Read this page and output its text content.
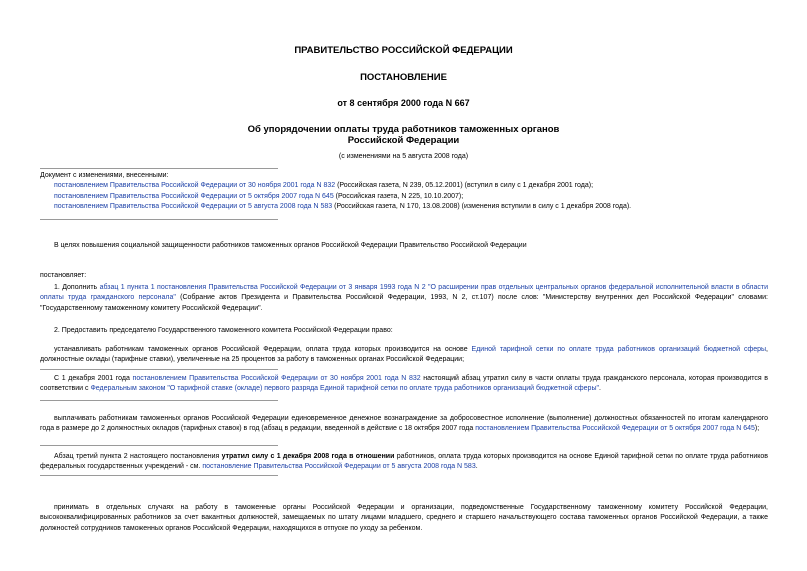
ПРАВИТЕЛЬСТВО РОССИЙСКОЙ ФЕДЕРАЦИИ
ПОСТАНОВЛЕНИЕ
от 8 сентября 2000 года N 667
Об упорядочении оплаты труда работников таможенных органов
Российской Федерации
(с изменениями на 5 августа 2008 года)
Документ с изменениями, внесенными:
постановлением Правительства Российской Федерации от 30 ноября 2001 года N 832 (Российская газета, N 239, 05.12.2001) (вступил в силу с 1 декабря 2001 года);
постановлением Правительства Российской Федерации от 5 октября 2007 года N 645 (Российская газета, N 225, 10.10.2007);
постановлением Правительства Российской Федерации от 5 августа 2008 года N 583 (Российская газета, N 170, 13.08.2008) (изменения вступили в силу с 1 декабря 2008 года).
В целях повышения социальной защищенности работников таможенных органов Российской Федерации Правительство Российской Федерации
постановляет:
1. Дополнить абзац 1 пункта 1 постановления Правительства Российской Федерации от 3 января 1993 года N 2 "О расширении прав отдельных центральных органов федеральной исполнительной власти в области оплаты труда гражданского персонала" (Собрание актов Президента и Правительства Российской Федерации, 1993, N 2, ст.107) после слов: "Министерству внутренних дел Российской Федерации" словами: "Государственному таможенному комитету Российской Федерации".
2. Предоставить председателю Государственного таможенного комитета Российской Федерации право:
устанавливать работникам таможенных органов Российской Федерации, оплата труда которых производится на основе Единой тарифной сетки по оплате труда работников организаций бюджетной сферы, должностные оклады (тарифные ставки), увеличенные на 25 процентов за работу в таможенных органах Российской Федерации;
С 1 декабря 2001 года постановлением Правительства Российской Федерации от 30 ноября 2001 года N 832 настоящий абзац утратил силу в части оплаты труда гражданского персонала, которая производится в соответствии с Федеральным законом "О тарифной ставке (окладе) первого разряда Единой тарифной сетки по оплате труда работников организаций бюджетной сферы".
выплачивать работникам таможенных органов Российской Федерации единовременное денежное вознаграждение за добросовестное исполнение (выполнение) должностных обязанностей по итогам календарного года в размере до 2 должностных окладов (тарифных ставок) в год (абзац в редакции, введенной в действие с 18 октября 2007 года постановлением Правительства Российской Федерации от 5 октября 2007 года N 645);
Абзац третий пункта 2 настоящего постановления утратил силу с 1 декабря 2008 года в отношении работников, оплата труда которых производится на основе Единой тарифной сетки по оплате труда работников федеральных государственных учреждений - см. постановление Правительства Российской Федерации от 5 августа 2008 года N 583.
принимать в отдельных случаях на работу в таможенные органы Российской Федерации и организации, подведомственные Государственному таможенному комитету Российской Федерации, высококвалифицированных работников за счет вакантных должностей, замещаемых по штату лицами младшего, среднего и старшего начальствующего состава таможенных органов Российской Федерации, а также должностей сотрудников таможенных органов Российской Федерации, находящихся в отпуске по уходу за ребенком.
